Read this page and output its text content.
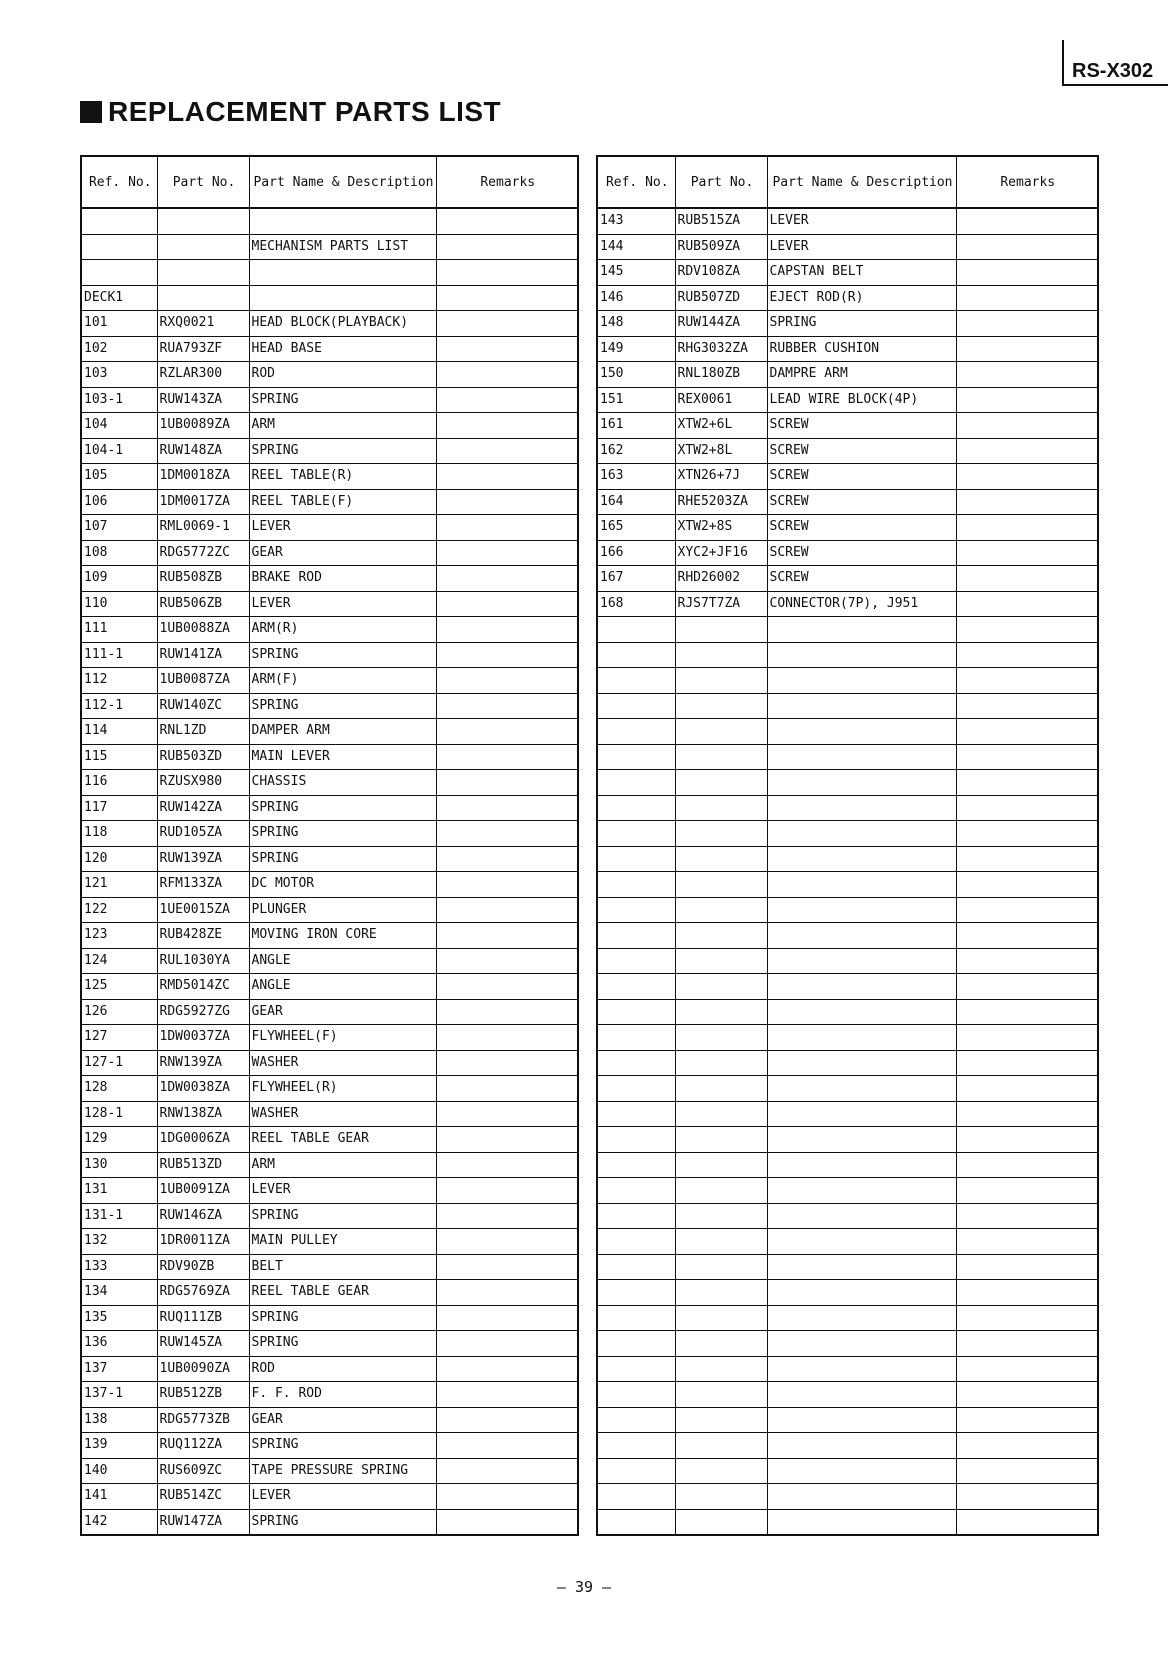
RS-X302
REPLACEMENT PARTS LIST
Ref. No.	Part No.	Part Name & Description	Remarks

		MECHANISM PARTS LIST	

DECK1			
101	RXQ0021	HEAD BLOCK(PLAYBACK)	
102	RUA793ZF	HEAD BASE	
103	RZLAR300	ROD	
103-1	RUW143ZA	SPRING	
104	1UB0089ZA	ARM	
104-1	RUW148ZA	SPRING	
105	1DM0018ZA	REEL TABLE(R)	
106	1DM0017ZA	REEL TABLE(F)	
107	RML0069-1	LEVER	
108	RDG5772ZC	GEAR	
109	RUB508ZB	BRAKE ROD	
110	RUB506ZB	LEVER	
111	1UB0088ZA	ARM(R)	
111-1	RUW141ZA	SPRING	
112	1UB0087ZA	ARM(F)	
112-1	RUW140ZC	SPRING	
114	RNL1ZD	DAMPER ARM	
115	RUB503ZD	MAIN LEVER	
116	RZUSX980	CHASSIS	
117	RUW142ZA	SPRING	
118	RUD105ZA	SPRING	
120	RUW139ZA	SPRING	
121	RFM133ZA	DC MOTOR	
122	1UE0015ZA	PLUNGER	
123	RUB428ZE	MOVING IRON CORE	
124	RUL1030YA	ANGLE	
125	RMD5014ZC	ANGLE	
126	RDG5927ZG	GEAR	
127	1DW0037ZA	FLYWHEEL(F)	
127-1	RNW139ZA	WASHER	
128	1DW0038ZA	FLYWHEEL(R)	
128-1	RNW138ZA	WASHER	
129	1DG0006ZA	REEL TABLE GEAR	
130	RUB513ZD	ARM	
131	1UB0091ZA	LEVER	
131-1	RUW146ZA	SPRING	
132	1DR0011ZA	MAIN PULLEY	
133	RDV90ZB	BELT	
134	RDG5769ZA	REEL TABLE GEAR	
135	RUQ111ZB	SPRING	
136	RUW145ZA	SPRING	
137	1UB0090ZA	ROD	
137-1	RUB512ZB	F. F. ROD	
138	RDG5773ZB	GEAR	
139	RUQ112ZA	SPRING	
140	RUS609ZC	TAPE PRESSURE SPRING	
141	RUB514ZC	LEVER	
142	RUW147ZA	SPRING	
Ref. No.	Part No.	Part Name & Description	Remarks
143	RUB515ZA	LEVER	
144	RUB509ZA	LEVER	
145	RDV108ZA	CAPSTAN BELT	
146	RUB507ZD	EJECT ROD(R)	
148	RUW144ZA	SPRING	
149	RHG3032ZA	RUBBER CUSHION	
150	RNL180ZB	DAMPRE ARM	
151	REX0061	LEAD WIRE BLOCK(4P)	
161	XTW2+6L	SCREW	
162	XTW2+8L	SCREW	
163	XTN26+7J	SCREW	
164	RHE5203ZA	SCREW	
165	XTW2+8S	SCREW	
166	XYC2+JF16	SCREW	
167	RHD26002	SCREW	
168	RJS7T7ZA	CONNECTOR(7P), J951	

— 39 —
